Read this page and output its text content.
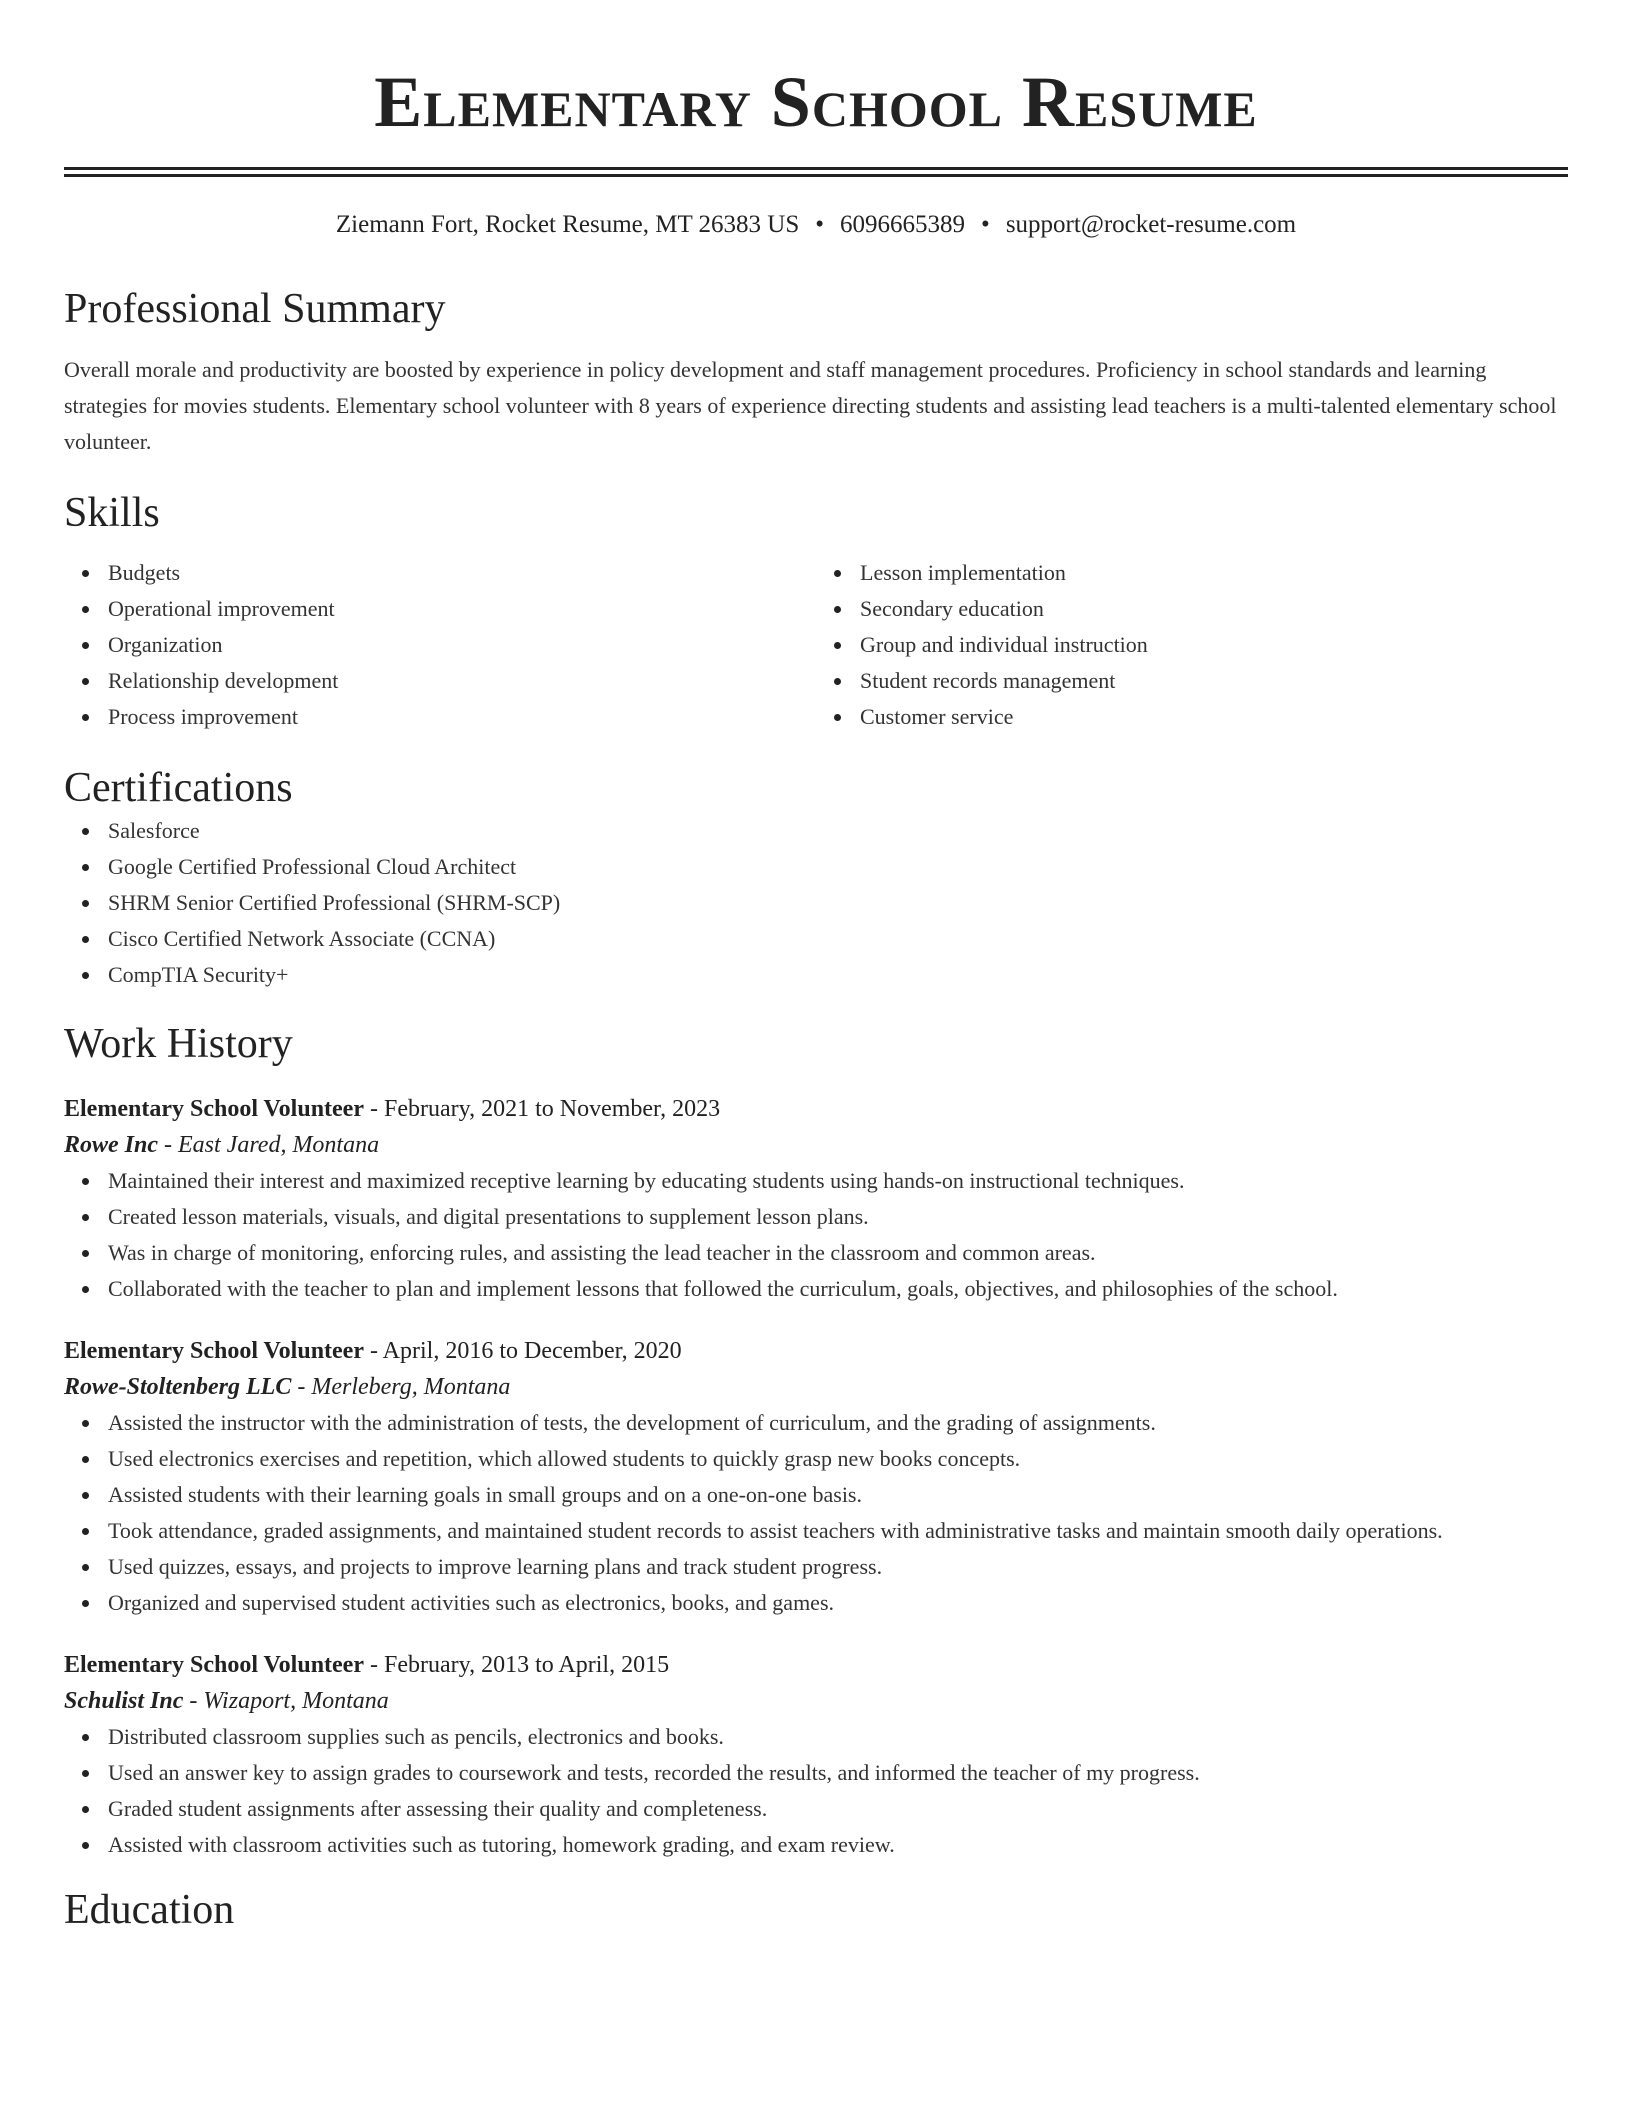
Elementary School Resume
Ziemann Fort, Rocket Resume, MT 26383 US • 6096665389 • support@rocket-resume.com
Professional Summary

Overall morale and productivity are boosted by experience in policy development and staff management procedures. Proficiency in school standards and learning strategies for movies students. Elementary school volunteer with 8 years of experience directing students and assisting lead teachers is a multi-talented elementary school volunteer.

Skills
Budgets
Operational improvement
Organization
Relationship development
Process improvement
Lesson implementation
Secondary education
Group and individual instruction
Student records management
Customer service
Certifications
Salesforce
Google Certified Professional Cloud Architect
SHRM Senior Certified Professional (SHRM-SCP)
Cisco Certified Network Associate (CCNA)
CompTIA Security+
Work History
Elementary School Volunteer - February, 2021 to November, 2023
Rowe Inc - East Jared, Montana
Maintained their interest and maximized receptive learning by educating students using hands-on instructional techniques.
Created lesson materials, visuals, and digital presentations to supplement lesson plans.
Was in charge of monitoring, enforcing rules, and assisting the lead teacher in the classroom and common areas.
Collaborated with the teacher to plan and implement lessons that followed the curriculum, goals, objectives, and philosophies of the school.
Elementary School Volunteer - April, 2016 to December, 2020
Rowe-Stoltenberg LLC - Merleberg, Montana
Assisted the instructor with the administration of tests, the development of curriculum, and the grading of assignments.
Used electronics exercises and repetition, which allowed students to quickly grasp new books concepts.
Assisted students with their learning goals in small groups and on a one-on-one basis.
Took attendance, graded assignments, and maintained student records to assist teachers with administrative tasks and maintain smooth daily operations.
Used quizzes, essays, and projects to improve learning plans and track student progress.
Organized and supervised student activities such as electronics, books, and games.
Elementary School Volunteer - February, 2013 to April, 2015
Schulist Inc - Wizaport, Montana
Distributed classroom supplies such as pencils, electronics and books.
Used an answer key to assign grades to coursework and tests, recorded the results, and informed the teacher of my progress.
Graded student assignments after assessing their quality and completeness.
Assisted with classroom activities such as tutoring, homework grading, and exam review.
Education
